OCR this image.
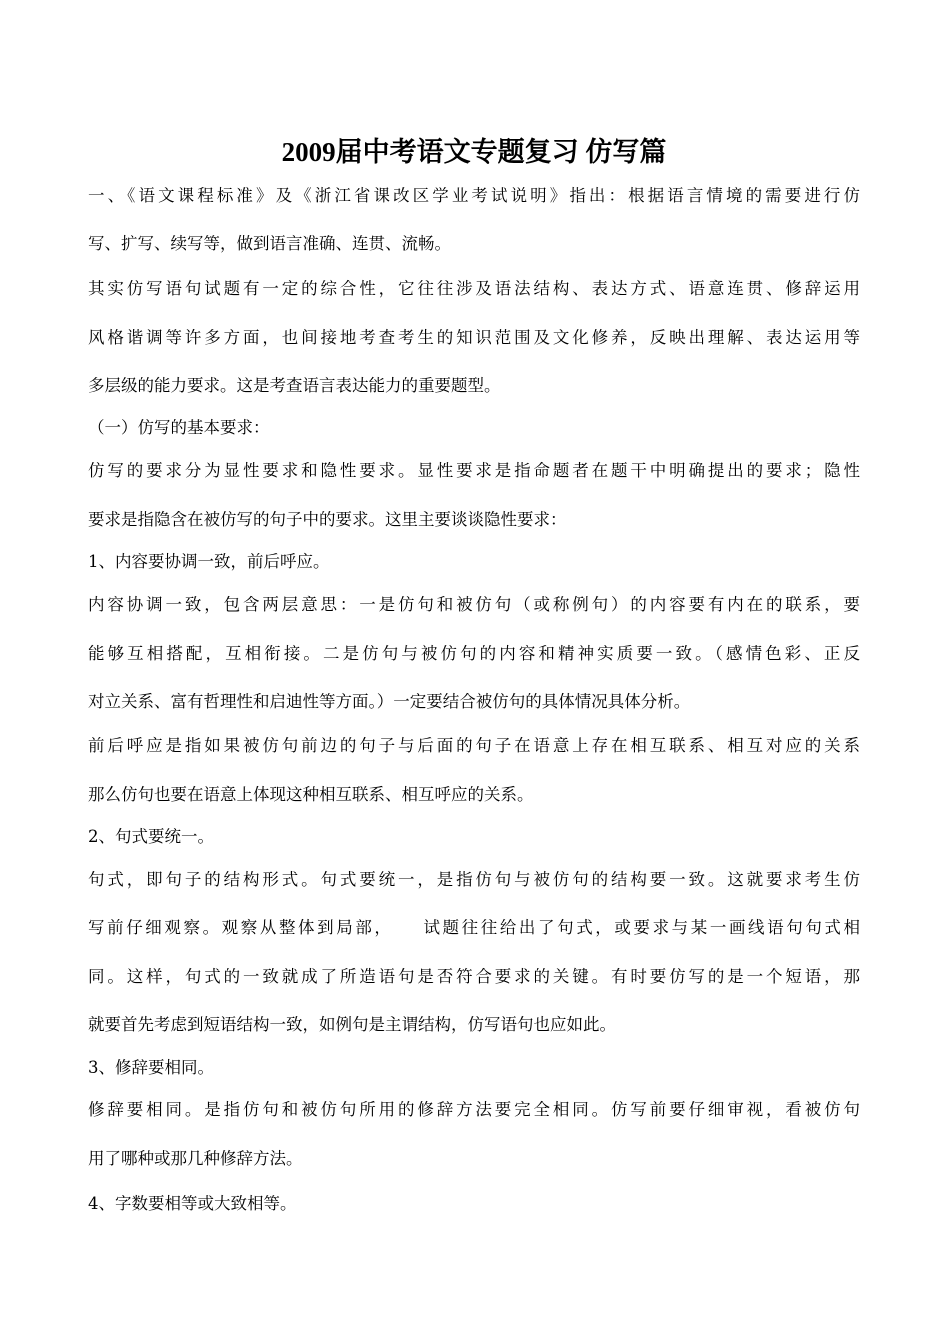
2009届中考语文专题复习 仿写篇
一、《语文课程标准》及《浙江省课改区学业考试说明》指出：根据语言情境的需要进行仿
写、扩写、续写等，做到语言准确、连贯、流畅。
其实仿写语句试题有一定的综合性，它往往涉及语法结构、表达方式、语意连贯、修辞运用
风格谐调等许多方面，也间接地考查考生的知识范围及文化修养，反映出理解、表达运用等
多层级的能力要求。这是考查语言表达能力的重要题型。
（一）仿写的基本要求：
仿写的要求分为显性要求和隐性要求。显性要求是指命题者在题干中明确提出的要求；隐性
要求是指隐含在被仿写的句子中的要求。这里主要谈谈隐性要求：
1、内容要协调一致，前后呼应。
内容协调一致，包含两层意思：一是仿句和被仿句（或称例句）的内容要有内在的联系，要
能够互相搭配，互相衔接。二是仿句与被仿句的内容和精神实质要一致。（感情色彩、正反
对立关系、富有哲理性和启迪性等方面。）一定要结合被仿句的具体情况具体分析。
前后呼应是指如果被仿句前边的句子与后面的句子在语意上存在相互联系、相互对应的关系
那么仿句也要在语意上体现这种相互联系、相互呼应的关系。
2、句式要统一。
句式，即句子的结构形式。句式要统一，是指仿句与被仿句的结构要一致。这就要求考生仿
写前仔细观察。观察从整体到局部，　　试题往往给出了句式，或要求与某一画线语句句式相
同。这样，句式的一致就成了所造语句是否符合要求的关键。有时要仿写的是一个短语，那
就要首先考虑到短语结构一致，如例句是主谓结构，仿写语句也应如此。
3、修辞要相同。
修辞要相同。是指仿句和被仿句所用的修辞方法要完全相同。仿写前要仔细审视，看被仿句
用了哪种或那几种修辞方法。
4、字数要相等或大致相等。
